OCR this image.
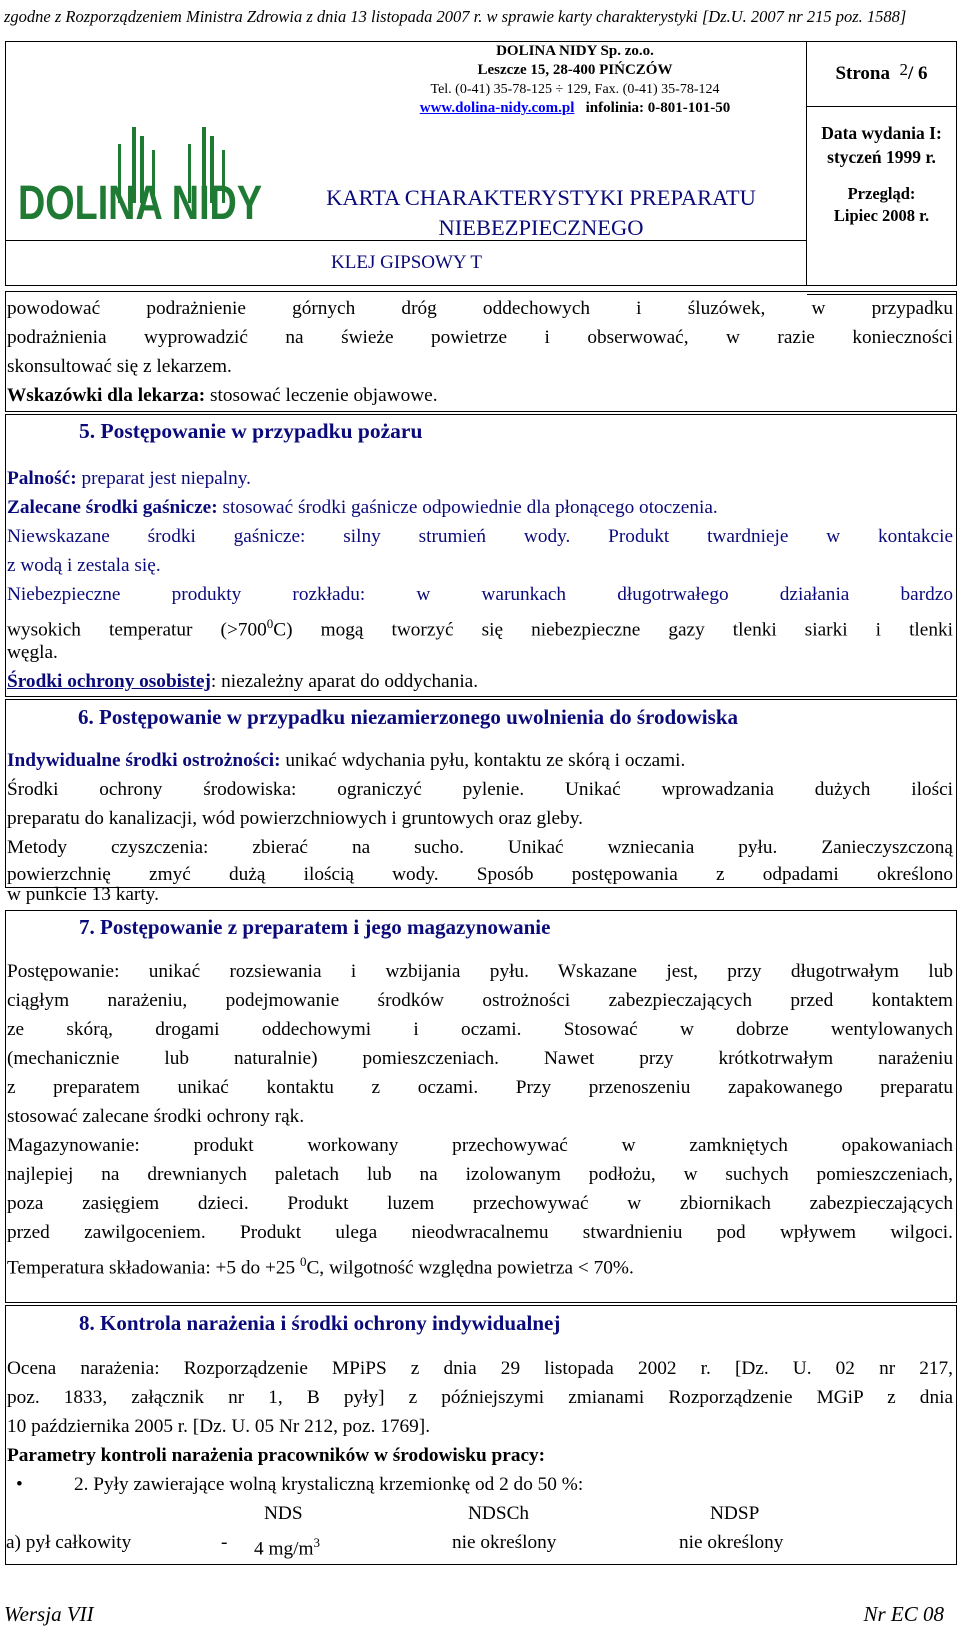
zgodne z Rozporządzeniem Ministra Zdrowia z dnia 13 listopada 2007 r. w sprawie karty charakterystyki [Dz.U. 2007 nr 215 poz. 1588]
DOLINA NIDY Sp. zo.o.
Leszcze 15, 28-400 PIŃCZÓW
Tel. (0-41) 35-78-125 ÷ 129, Fax. (0-41) 35-78-124
www.dolina-nidy.com.pl infolinia: 0-801-101-50
DOLINA NIDY	KARTA CHARAKTERYSTYKI PREPARATU
NIEBEZPIECZNEGO
KLEJ GIPSOWY T
Strona
$^2$ / 6
Data wydania I:
styczeń 1999 r.
Przegląd:
Lipiec 2008 r.
powodować podrażnienie górnych dróg oddechowych i śluzówek, w przypadku
podrażnienia wyprowadzić na świeże powietrze i obserwować, w razie konieczności
skonsultować się z lekarzem.
Wskazówki dla lekarza: stosować leczenie objawowe.
5. Postępowanie w przypadku pożaru
Palność: preparat jest niepalny.
Zalecane środki gaśnicze: stosować środki gaśnicze odpowiednie dla płonącego otoczenia.
Niewskazane środki gaśnicze: silny strumień wody. Produkt twardnieje w kontakcie
z wodą i zestala się.
Niebezpieczne produkty rozkładu: w warunkach długotrwałego działania bardzo
wysokich temperatur $(>700^0C)$ mogą tworzyć się niebezpieczne gazy tlenki siarki i tlenki
węgla.
Środki ochrony osobistej: niezależny aparat do oddychania.
6. Postępowanie w przypadku niezamierzonego uwolnienia do środowiska
Indywidualne środki ostrożności: unikać wdychania pyłu, kontaktu ze skórą i oczami.
Środki ochrony środowiska: ograniczyć pylenie. Unikać wprowadzania dużych ilości
preparatu do kanalizacji, wód powierzchniowych i gruntowych oraz gleby.
Metody czyszczenia: zbierać na sucho. Unikać wzniecania pyłu. Zanieczyszczoną
powierzchnię zmyć dużą ilością wody. Sposób postępowania z odpadami określono
w punkcie 13 karty.
7. Postępowanie z preparatem i jego magazynowanie
Postępowanie: unikać rozsiewania i wzbijania pyłu. Wskazane jest, przy długotrwałym lub
ciągłym narażeniu, podejmowanie środków ostrożności zabezpieczających przed kontaktem
ze skórą, drogami oddechowymi i oczami. Stosować w dobrze wentylowanych
(mechanicznie lub naturalnie) pomieszczeniach. Nawet przy krótkotrwałym narażeniu
z preparatem unikać kontaktu z oczami. Przy przenoszeniu zapakowanego preparatu
stosować zalecane środki ochrony rąk.
Magazynowanie: produkt workowany przechowywać w zamkniętych opakowaniach
najlepiej na drewnianych paletach lub na izolowanym podłożu, w suchych pomieszczeniach,
poza zasięgiem dzieci. Produkt luzem przechowywać w zbiornikach zabezpieczających
przed zawilgoceniem. Produkt ulega nieodwracalnemu stwardnieniu pod wpływem wilgoci.
Temperatura składowania: +5 do +25 $^0$C, wilgotność względna powietrza < 70%.
8. Kontrola narażenia i środki ochrony indywidualnej
Ocena narażenia: Rozporządzenie MPiPS z dnia 29 listopada 2002 r. [Dz. U. 02 nr 217,
poz. 1833, załącznik nr 1, B pyły] z późniejszymi zmianami Rozporządzenie MGiP z dnia
10 października 2005 r. [Dz. U. 05 Nr 212, poz. 1769].
Parametry kontroli narażenia pracowników w środowisku pracy:
•	2. Pyły zawierające wolną krystaliczną krzemionkę od 2 do 50 %:
NDS	NDSCh	NDSP
a) pył całkowity	- 4 $mg/m^3$	nie określony	nie określony
Wersja VII	Nr EC 08
